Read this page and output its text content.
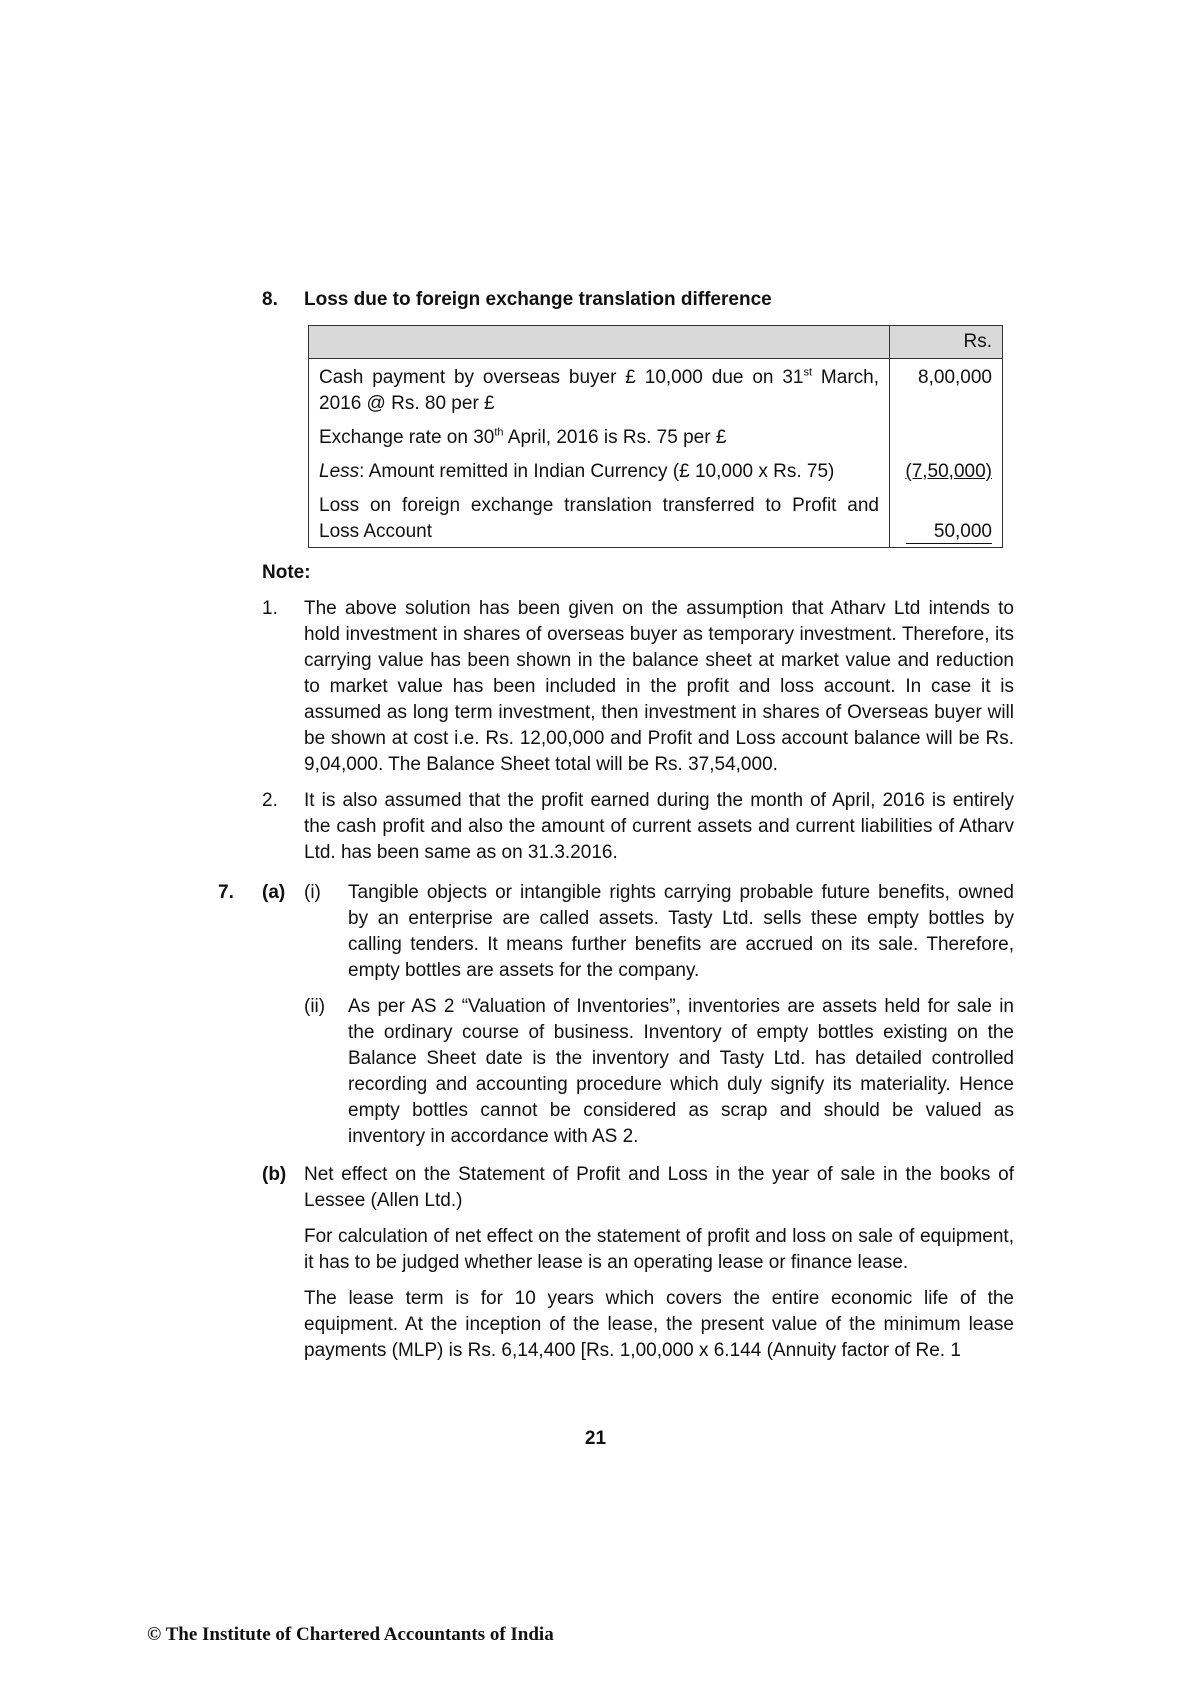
8. Loss due to foreign exchange translation difference
	Rs.
Cash payment by overseas buyer £ 10,000 due on 31st March, 2016 @ Rs. 80 per £	8,00,000
Exchange rate on 30th April, 2016 is Rs. 75 per £	
Less: Amount remitted in Indian Currency (£ 10,000 x Rs. 75)	(7,50,000)
Loss on foreign exchange translation transferred to Profit and Loss Account	50,000
Note:
1.	The above solution has been given on the assumption that Atharv Ltd intends to hold investment in shares of overseas buyer as temporary investment. Therefore, its carrying value has been shown in the balance sheet at market value and reduction to market value has been included in the profit and loss account. In case it is assumed as long term investment, then investment in shares of Overseas buyer will be shown at cost i.e. Rs. 12,00,000 and Profit and Loss account balance will be Rs. 9,04,000. The Balance Sheet total will be Rs. 37,54,000.
2.	It is also assumed that the profit earned during the month of April, 2016 is entirely the cash profit and also the amount of current assets and current liabilities of Atharv Ltd. has been same as on 31.3.2016.
7.	(a) (i)	Tangible objects or intangible rights carrying probable future benefits, owned by an enterprise are called assets. Tasty Ltd. sells these empty bottles by calling tenders. It means further benefits are accrued on its sale. Therefore, empty bottles are assets for the company.
(ii)	As per AS 2 “Valuation of Inventories”, inventories are assets held for sale in the ordinary course of business. Inventory of empty bottles existing on the Balance Sheet date is the inventory and Tasty Ltd. has detailed controlled recording and accounting procedure which duly signify its materiality. Hence empty bottles cannot be considered as scrap and should be valued as inventory in accordance with AS 2.
(b) Net effect on the Statement of Profit and Loss in the year of sale in the books of Lessee (Allen Ltd.)

For calculation of net effect on the statement of profit and loss on sale of equipment, it has to be judged whether lease is an operating lease or finance lease.

The lease term is for 10 years which covers the entire economic life of the equipment. At the inception of the lease, the present value of the minimum lease payments (MLP) is Rs. 6,14,400 [Rs. 1,00,000 x 6.144 (Annuity factor of Re. 1

21
© The Institute of Chartered Accountants of India
